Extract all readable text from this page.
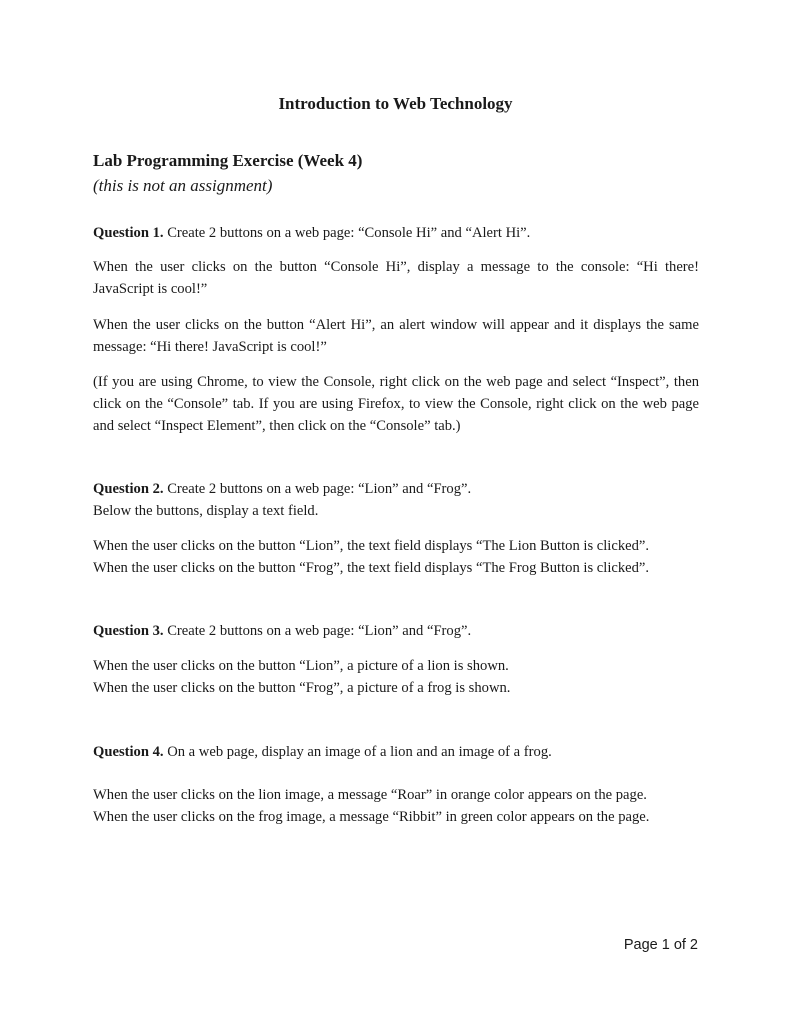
Introduction to Web Technology
Lab Programming Exercise (Week 4)
(this is not an assignment)

Question 1. Create 2 buttons on a web page: “Console Hi” and “Alert Hi”.

When the user clicks on the button “Console Hi”, display a message to the console: “Hi there! JavaScript is cool!”

When the user clicks on the button “Alert Hi”, an alert window will appear and it displays the same message: “Hi there! JavaScript is cool!”

(If you are using Chrome, to view the Console, right click on the web page and select “Inspect”, then click on the “Console” tab. If you are using Firefox, to view the Console, right click on the web page and select “Inspect Element”, then click on the “Console” tab.)

Question 2. Create 2 buttons on a web page: “Lion” and “Frog”.
Below the buttons, display a text field.

When the user clicks on the button “Lion”, the text field displays “The Lion Button is clicked”.
When the user clicks on the button “Frog”, the text field displays “The Frog Button is clicked”.

Question 3. Create 2 buttons on a web page: “Lion” and “Frog”.

When the user clicks on the button “Lion”, a picture of a lion is shown.
When the user clicks on the button “Frog”, a picture of a frog is shown.

Question 4. On a web page, display an image of a lion and an image of a frog.

When the user clicks on the lion image, a message “Roar” in orange color appears on the page.
When the user clicks on the frog image, a message “Ribbit” in green color appears on the page.

Page 1 of 2
